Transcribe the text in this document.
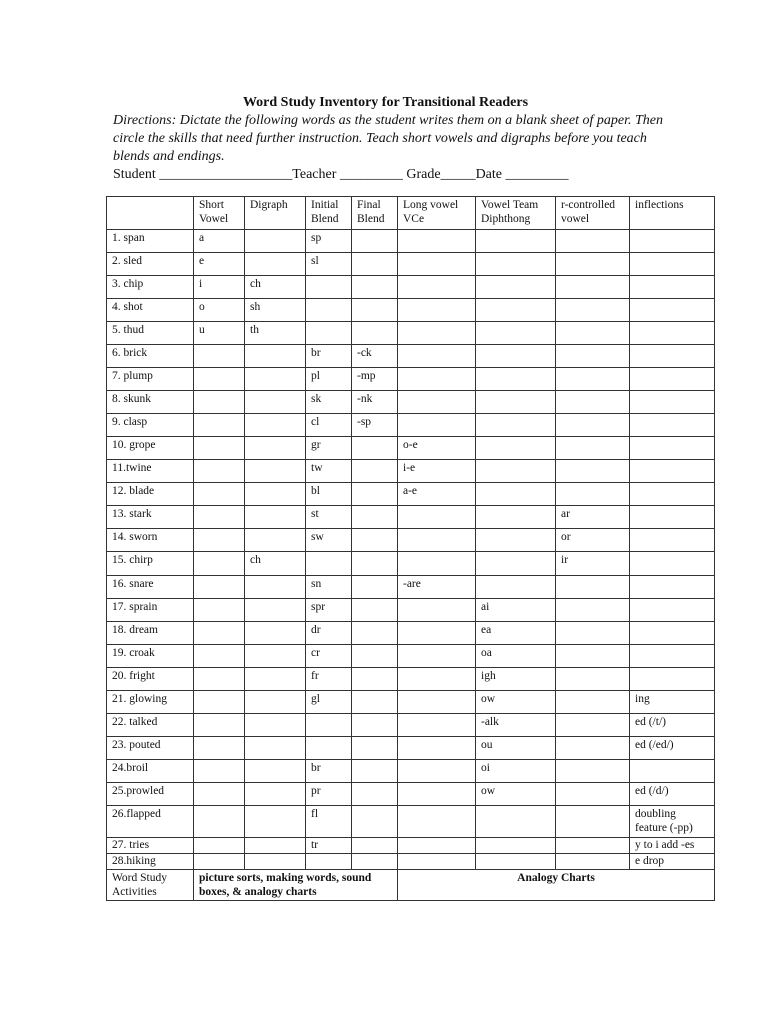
Word Study Inventory for Transitional Readers
Directions: Dictate the following words as the student writes them on a blank sheet of paper. Then circle the skills that need further instruction. Teach short vowels and digraphs before you teach blends and endings.
Student ___________________Teacher _________ Grade_____Date _________
	Short Vowel	Digraph	Initial Blend	Final Blend	Long vowel VCe	Vowel Team Diphthong	r-controlled vowel	inflections
1. span	a		sp					
2. sled	e		sl					
3. chip	i	ch						
4. shot	o	sh						
5. thud	u	th						
6. brick			br	-ck				
7. plump			pl	-mp				
8. skunk			sk	-nk				
9. clasp			cl	-sp				
10. grope			gr		o-e			
11.twine			tw		i-e			
12. blade			bl		a-e			
13. stark			st				ar	
14. sworn			sw				or	
15. chirp		ch					ir	
16. snare			sn		-are			
17. sprain			spr			ai		
18. dream			dr			ea		
19. croak			cr			oa		
20. fright			fr			igh		
21. glowing			gl			ow		ing
22. talked						-alk		ed (/t/)
23. pouted						ou		ed (/ed/)
24.broil			br			oi		
25.prowled			pr			ow		ed (/d/)
26.flapped			fl					doubling feature (-pp)
27. tries			tr					y to i add -es
28.hiking								e drop
Word Study Activities	picture sorts, making words, sound boxes, & analogy charts				Analogy Charts			
